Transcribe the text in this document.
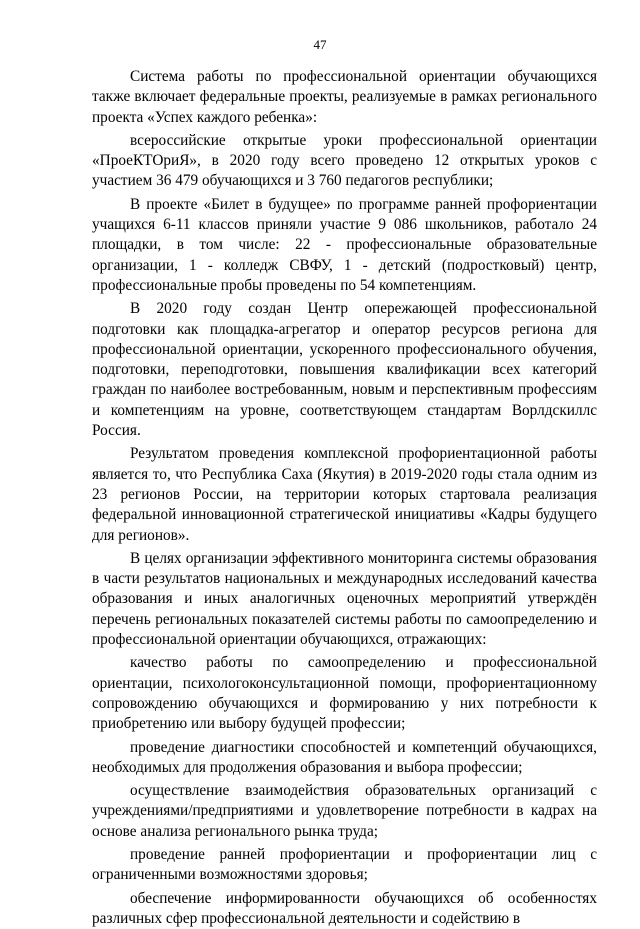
47

Система работы по профессиональной ориентации обучающихся также включает федеральные проекты, реализуемые в рамках регионального проекта «Успех каждого ребенка»:

всероссийские открытые уроки профессиональной ориентации «ПроеКТОриЯ», в 2020 году всего проведено 12 открытых уроков с участием 36 479 обучающихся и 3 760 педагогов республики;

В проекте «Билет в будущее» по программе ранней профориентации учащихся 6-11 классов приняли участие 9 086 школьников, работало 24 площадки, в том числе: 22 - профессиональные образовательные организации, 1 - колледж СВФУ, 1 - детский (подростковый) центр, профессиональные пробы проведены по 54 компетенциям.

В 2020 году создан Центр опережающей профессиональной подготовки как площадка-агрегатор и оператор ресурсов региона для профессиональной ориентации, ускоренного профессионального обучения, подготовки, переподготовки, повышения квалификации всех категорий граждан по наиболее востребованным, новым и перспективным профессиям и компетенциям на уровне, соответствующем стандартам Ворлдскиллс Россия.

Результатом проведения комплексной профориентационной работы является то, что Республика Саха (Якутия) в 2019-2020 годы стала одним из 23 регионов России, на территории которых стартовала реализация федеральной инновационной стратегической инициативы «Кадры будущего для регионов».

В целях организации эффективного мониторинга системы образования в части результатов национальных и международных исследований качества образования и иных аналогичных оценочных мероприятий утверждён перечень региональных показателей системы работы по самоопределению и профессиональной ориентации обучающихся, отражающих:

качество работы по самоопределению и профессиональной ориентации, психологоконсультационной помощи, профориентационному сопровождению обучающихся и формированию у них потребности к приобретению или выбору будущей профессии;

проведение диагностики способностей и компетенций обучающихся, необходимых для продолжения образования и выбора профессии;

осуществление взаимодействия образовательных организаций с учреждениями/предприятиями и удовлетворение потребности в кадрах на основе анализа регионального рынка труда;

проведение ранней профориентации и профориентации лиц с ограниченными возможностями здоровья;

обеспечение информированности обучающихся об особенностях различных сфер профессиональной деятельности и содействию в
